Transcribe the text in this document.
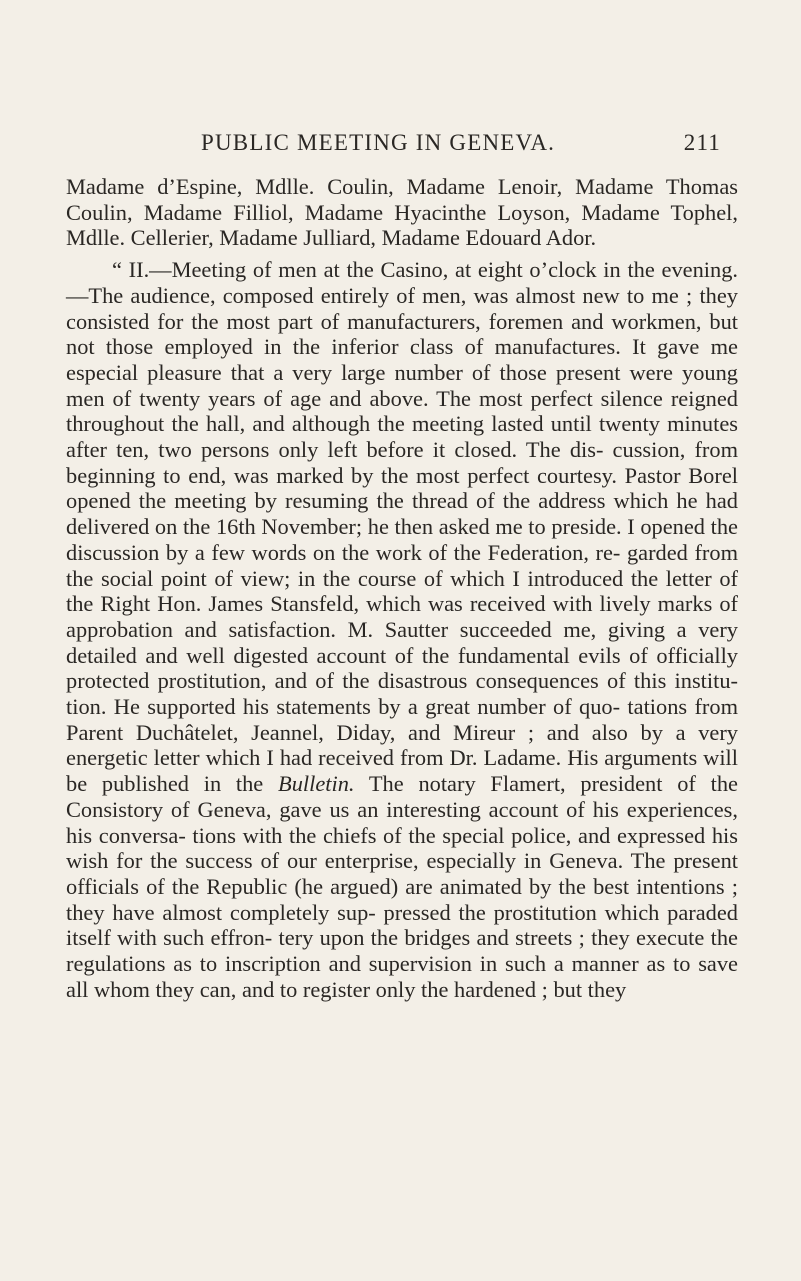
PUBLIC MEETING IN GENEVA.	211

Madame d’Espine, Mdlle. Coulin, Madame Lenoir, Madame Thomas Coulin, Madame Filliol, Madame Hyacinthe Loyson, Madame Tophel, Mdlle. Cellerier, Madame Julliard, Madame Edouard Ador.

“ II.—Meeting of men at the Casino, at eight o’clock in the evening.—The audience, composed entirely of men, was almost new to me ; they consisted for the most part of manufacturers, foremen and workmen, but not those employed in the inferior class of manufactures. It gave me especial pleasure that a very large number of those present were young men of twenty years of age and above. The most perfect silence reigned throughout the hall, and although the meeting lasted until twenty minutes after ten, two persons only left before it closed. The dis- cussion, from beginning to end, was marked by the most perfect courtesy. Pastor Borel opened the meeting by resuming the thread of the address which he had delivered on the 16th November; he then asked me to preside. I opened the discussion by a few words on the work of the Federation, re- garded from the social point of view; in the course of which I introduced the letter of the Right Hon. James Stansfeld, which was received with lively marks of approbation and satisfaction. M. Sautter succeeded me, giving a very detailed and well digested account of the fundamental evils of officially protected prostitution, and of the disastrous consequences of this institu- tion. He supported his statements by a great number of quo- tations from Parent Duchâtelet, Jeannel, Diday, and Mireur ; and also by a very energetic letter which I had received from Dr. Ladame. His arguments will be published in the Bulletin. The notary Flamert, president of the Consistory of Geneva, gave us an interesting account of his experiences, his conversa- tions with the chiefs of the special police, and expressed his wish for the success of our enterprise, especially in Geneva. The present officials of the Republic (he argued) are animated by the best intentions ; they have almost completely sup- pressed the prostitution which paraded itself with such effron- tery upon the bridges and streets ; they execute the regulations as to inscription and supervision in such a manner as to save all whom they can, and to register only the hardened ; but they
